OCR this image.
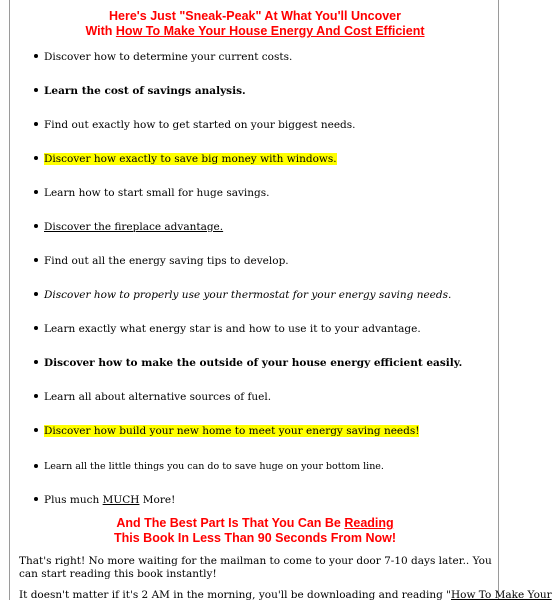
Here's Just "Sneak-Peak" At What You'll Uncover
With How To Make Your House Energy And Cost Efficient
Discover how to determine your current costs.
Learn the cost of savings analysis.
Find out exactly how to get started on your biggest needs.
Discover how exactly to save big money with windows.
Learn how to start small for huge savings.
Discover the fireplace advantage.
Find out all the energy saving tips to develop.
Discover how to properly use your thermostat for your energy saving needs.
Learn exactly what energy star is and how to use it to your advantage.
Discover how to make the outside of your house energy efficient easily.
Learn all about alternative sources of fuel.
Discover how build your new home to meet your energy saving needs!
Learn all the little things you can do to save huge on your bottom line.
Plus much MUCH More!
And The Best Part Is That You Can Be Reading
This Book In Less Than 90 Seconds From Now!
That's right! No more waiting for the mailman to come to your door 7-10 days later.. You can start reading this book instantly!
It doesn't matter if it's 2 AM in the morning, you'll be downloading and reading "How To Make Your
